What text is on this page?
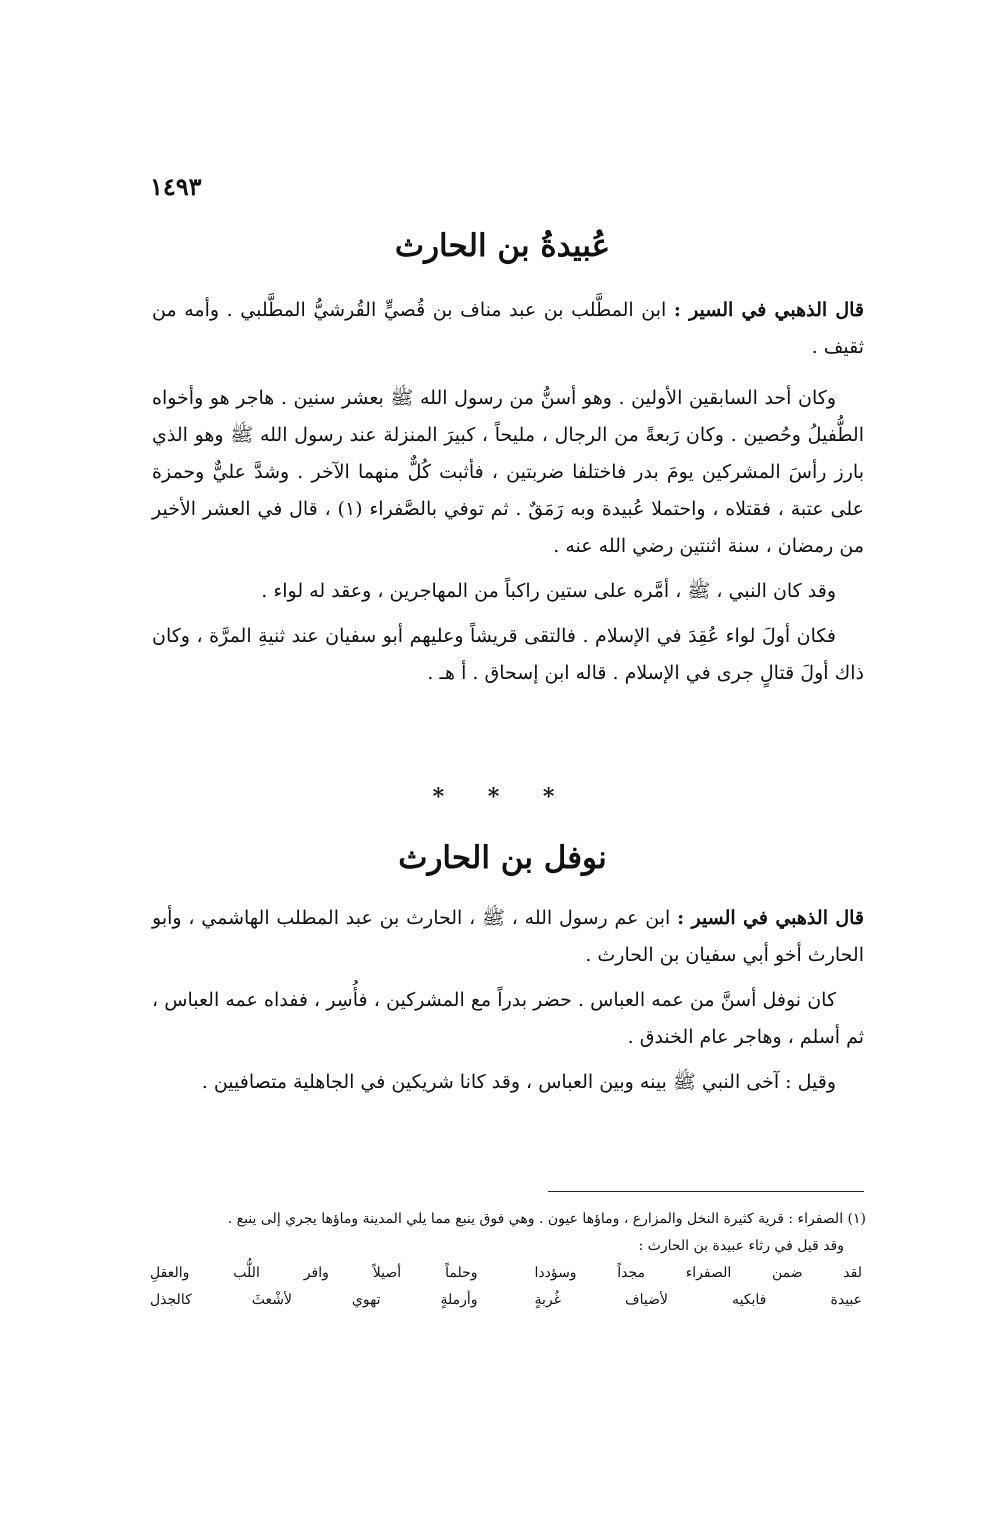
١٤٩٣
عُبيدةُ بن الحارث

قال الذهبي في السير : ابن المطَّلب بن عبد مناف بن قُصيٍّ القُرشيُّ المطَّلبي . وأمه من ثقيف .

وكان أحد السابقين الأولين . وهو أسنُّ من رسول الله ﷺ بعشر سنين . هاجر هو وأخواه الطُّفيلُ وحُصين . وكان رَبعةً من الرجال ، مليحاً ، كبيرَ المنزلة عند رسول الله ﷺ وهو الذي بارز رأسَ المشركين يومَ بدر فاختلفا ضربتين ، فأثبت كُلٌّ منهما الآخر . وشدَّ عليٌّ وحمزة على عتبة ، فقتلاه ، واحتملا عُبيدة وبه رَمَقٌ . ثم توفي بالصَّفراء (١) ، قال في العشر الأخير من رمضان ، سنة اثنتين رضي الله عنه .

وقد كان النبي ، ﷺ ، أمَّره على ستين راكباً من المهاجرين ، وعقد له لواء .

فكان أولَ لواء عُقِدَ في الإسلام . فالتقى قريشاً وعليهم أبو سفيان عند ثنيةِ المرَّة ، وكان ذاك أولَ قتالٍ جرى في الإسلام . قاله ابن إسحاق . أ هـ .

* * *
نوفل بن الحارث

قال الذهبي في السير : ابن عم رسول الله ، ﷺ ، الحارث بن عبد المطلب الهاشمي ، وأبو الحارث أخو أبي سفيان بن الحارث .

كان نوفل أسنَّ من عمه العباس . حضر بدراً مع المشركين ، فأُسِر ، ففداه عمه العباس ، ثم أسلم ، وهاجر عام الخندق .

وقيل : آخى النبي ﷺ بينه وبين العباس ، وقد كانا شريكين في الجاهلية متصافيين .

(١) الصفراء : قرية كثيرة النخل والمزارع ، وماؤها عيون . وهي فوق ينبع مما يلي المدينة وماؤها يجري إلى ينبع .

وقد قيل في رثاء عبيدة بن الحارث :

لقد ضمن الصفراء مجداً وسؤددا
وحلماً أصيلاً وافر اللُّب والعقلِ
عبيدة فابكيه لأضياف غُربةٍ
وأرملةٍ تهوي لأشْعثَ كالجذل
